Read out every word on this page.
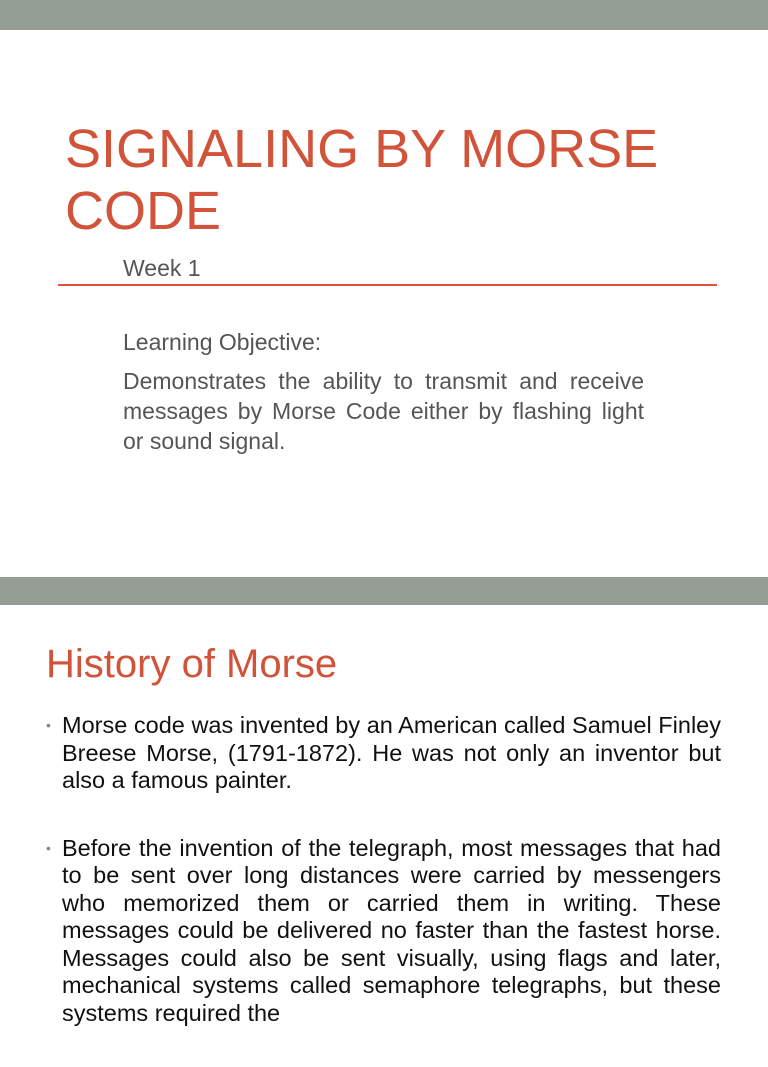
SIGNALING BY MORSE CODE
Week 1
Learning Objective:

Demonstrates the ability to transmit and receive messages by Morse Code either by flashing light or sound signal.

History of Morse
• Morse code was invented by an American called Samuel Finley Breese Morse, (1791-1872). He was not only an inventor but also a famous painter.
• Before the invention of the telegraph, most messages that had to be sent over long distances were carried by messengers who memorized them or carried them in writing. These messages could be delivered no faster than the fastest horse. Messages could also be sent visually, using flags and later, mechanical systems called semaphore telegraphs, but these systems required the
